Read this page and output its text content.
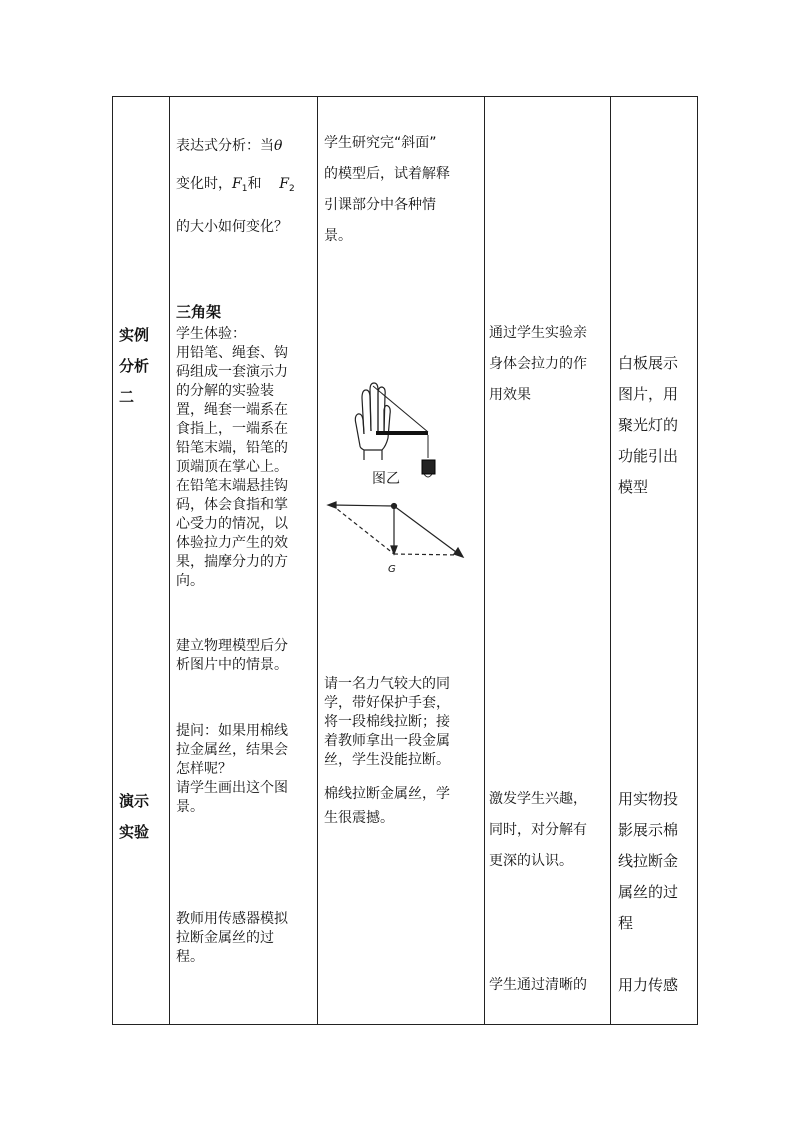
实例
分析
二
演示
实验

表达式分析：当θ

变化时，$F_1$和 $F_2$

的大小如何变化？

三角架
学生体验：
用铅笔、绳套、钩
码组成一套演示力
的分解的实验装
置，绳套一端系在
食指上，一端系在
铅笔末端，铅笔的
顶端顶在掌心上。
在铅笔末端悬挂钩
码，体会食指和掌
心受力的情况，以
体验拉力产生的效
果，揣摩分力的方
向。
建立物理模型后分
析图片中的情景。
提问：如果用棉线
拉金属丝，结果会
怎样呢？
请学生画出这个图
景。
教师用传感器模拟
拉断金属丝的过
程。
学生研究完“斜面”
的模型后，试着解释
引课部分中各种情
景。
图乙
G
请一名力气较大的同
学，带好保护手套，
将一段棉线拉断；接
着教师拿出一段金属
丝，学生没能拉断。
棉线拉断金属丝，学
生很震撼。
通过学生实验亲
身体会拉力的作
用效果
激发学生兴趣，
同时，对分解有
更深的认识。
学生通过清晰的
白板展示
图片，用
聚光灯的
功能引出
模型
用实物投
影展示棉
线拉断金
属丝的过
程
用力传感
